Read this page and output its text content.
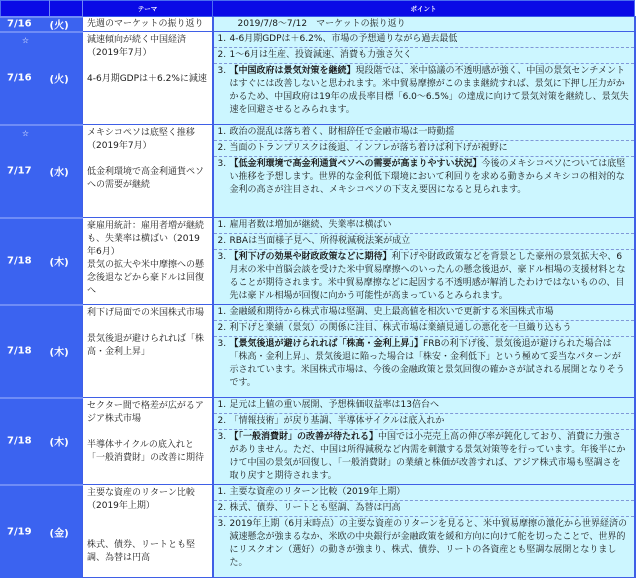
		テーマ	ポイント

7/16	(火)	先週のマーケットの振り返り	2019/7/8～7/12　マーケットの振り返り

☆
7/16	(火)

減速傾向が続く中国経済（2019年7月）
4-6月期GDPは＋6.2%に減速

1. 4-6月期GDPは＋6.2%、市場の予想通りながら過去最低
2. 1～6月は生産、投資減速、消費も力強さ欠く
3. 【中国政府は景気対策を継続】現段階では、米中協議の不透明感が強く、中国の景気センチメントはすぐには改善しないと思われます。米中貿易摩擦がこのまま継続すれば、景気に下押し圧力がかかるため、中国政府は19年の成長率目標「6.0～6.5%」の達成に向けて景気対策を継続し、景気失速を回避させるとみられます。

☆
7/17	(水)

メキシコペソは底堅く推移（2019年7月）
低金利環境で高金利通貨ペソへの需要が継続

1. 政治の混乱は落ち着く、財相辞任で金融市場は一時動揺
2. 当面のトランプリスクは後退、インフレが落ち着けば利下げが視野に
3. 【低金利環境で高金利通貨ペソへの需要が高まりやすい状況】今後のメキシコペソについては底堅い推移を予想します。世界的な金利低下環境において利回りを求める動きからメキシコの相対的な金利の高さが注目され、メキシコペソの下支え要因になると見られます。

7/18	(木)

豪雇用統計：雇用者増が継続も、失業率は横ばい（2019年6月）
景気の拡大や米中摩擦への懸念後退などから豪ドルは回復へ

1. 雇用者数は増加が継続、失業率は横ばい
2. RBAは当面様子見へ、所得税減税法案が成立
3. 【利下げの効果や財政政策などに期待】利下げや財政政策などを背景とした豪州の景気拡大や、6月末の米中首脳会談を受けた米中貿易摩擦へのいったんの懸念後退が、豪ドル相場の支援材料となることが期待されます。米中貿易摩擦などに起因する不透明感が解消したわけではないものの、目先は豪ドル相場が回復に向かう可能性が高まっているとみられます。

7/18	(木)

利下げ局面での米国株式市場
景気後退が避けられれば「株高・金利上昇」

1. 金融緩和期待から株式市場は堅調、史上最高値を相次いで更新する米国株式市場
2. 利下げと業績（景気）の関係に注目、株式市場は業績見通しの悪化を一旦織り込もう
3. 【景気後退が避けられれば「株高・金利上昇」】FRBの利下げ後、景気後退が避けられた場合は「株高・金利上昇」、景気後退に陥った場合は「株安・金利低下」という極めて妥当なパターンが示されています。米国株式市場は、今後の金融政策と景気回復の確かさが試される展開となりそうです。

7/18	(木)

セクター間で格差が広がるアジア株式市場
半導体サイクルの底入れと「一般消費財」の改善に期待

1. 足元は上値の重い展開、予想株価収益率は13倍台へ
2. 「情報技術」が戻り基調、半導体サイクルは底入れか
3. 【「一般消費財」の改善が待たれる】中国では小売売上高の伸び率が鈍化しており、消費に力強さがありません。ただ、中国は所得減税など内需を刺激する景気対策等を行っています。年後半にかけて中国の景気が回復し、「一般消費財」の業績と株価が改善すれば、アジア株式市場も堅調さを取り戻すと期待されます。

7/19	(金)

主要な資産のリターン比較（2019年上期）
株式、債券、リートとも堅調、為替は円高

1. 主要な資産のリターン比較（2019年上期）
2. 株式、債券、リートとも堅調、為替は円高
3. 2019年上期（6月末時点）の主要な資産のリターンを見ると、米中貿易摩擦の激化から世界経済の減速懸念が強まるなか、米欧の中央銀行が金融政策を緩和方向に向けて舵を切ったことで、世界的にリスクオン（選好）の動きが強まり、株式、債券、リートの各資産とも堅調な展開となりました。
